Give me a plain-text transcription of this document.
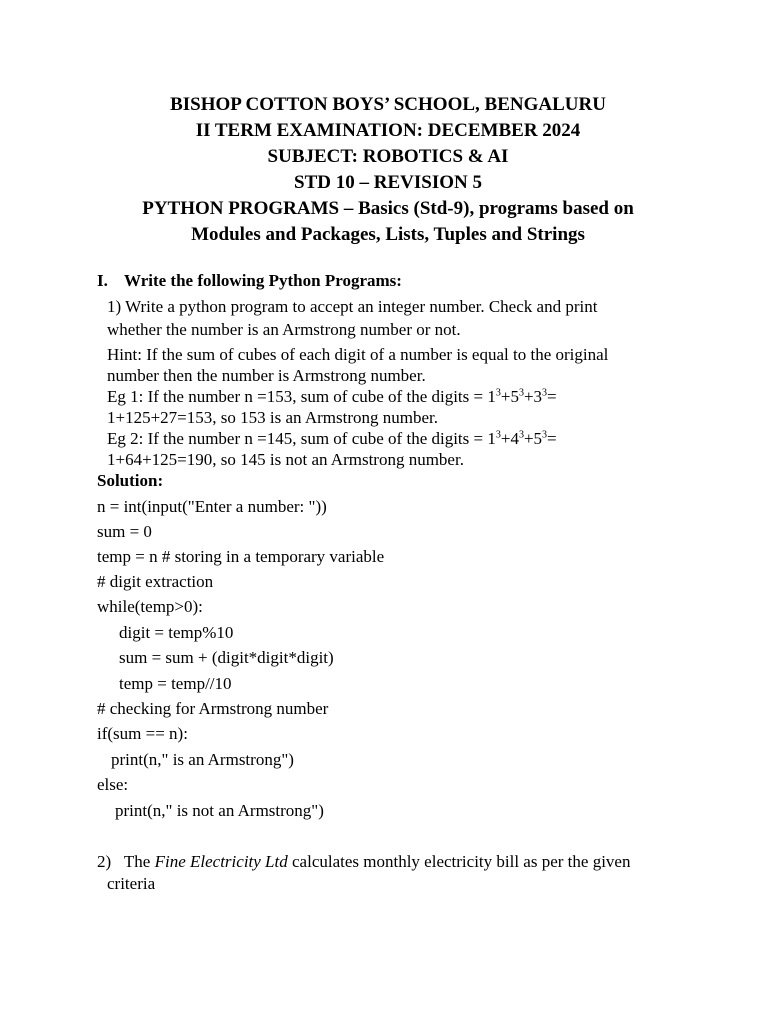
BISHOP COTTON BOYS’ SCHOOL, BENGALURU
II TERM EXAMINATION: DECEMBER 2024
SUBJECT: ROBOTICS & AI
STD 10 – REVISION 5
PYTHON PROGRAMS – Basics (Std-9), programs based on
Modules and Packages, Lists, Tuples and Strings
I. Write the following Python Programs:
1) Write a python program to accept an integer number. Check and print
whether the number is an Armstrong number or not.
Hint: If the sum of cubes of each digit of a number is equal to the original
number then the number is Armstrong number.
Eg 1: If the number n =153, sum of cube of the digits = $1^3+5^3+3^3=$
1+125+27=153, so 153 is an Armstrong number.
Eg 2: If the number n =145, sum of cube of the digits = $1^3+4^3+5^3=$
1+64+125=190, so 145 is not an Armstrong number.
Solution:
n = int(input("Enter a number: "))
sum = 0
temp = n # storing in a temporary variable
# digit extraction
while(temp>0):
digit = temp%10
sum = sum + (digit*digit*digit)
temp = temp//10
# checking for Armstrong number
if(sum == n):
print(n," is an Armstrong")
else:
print(n," is not an Armstrong")
2) The Fine Electricity Ltd calculates monthly electricity bill as per the given
criteria
